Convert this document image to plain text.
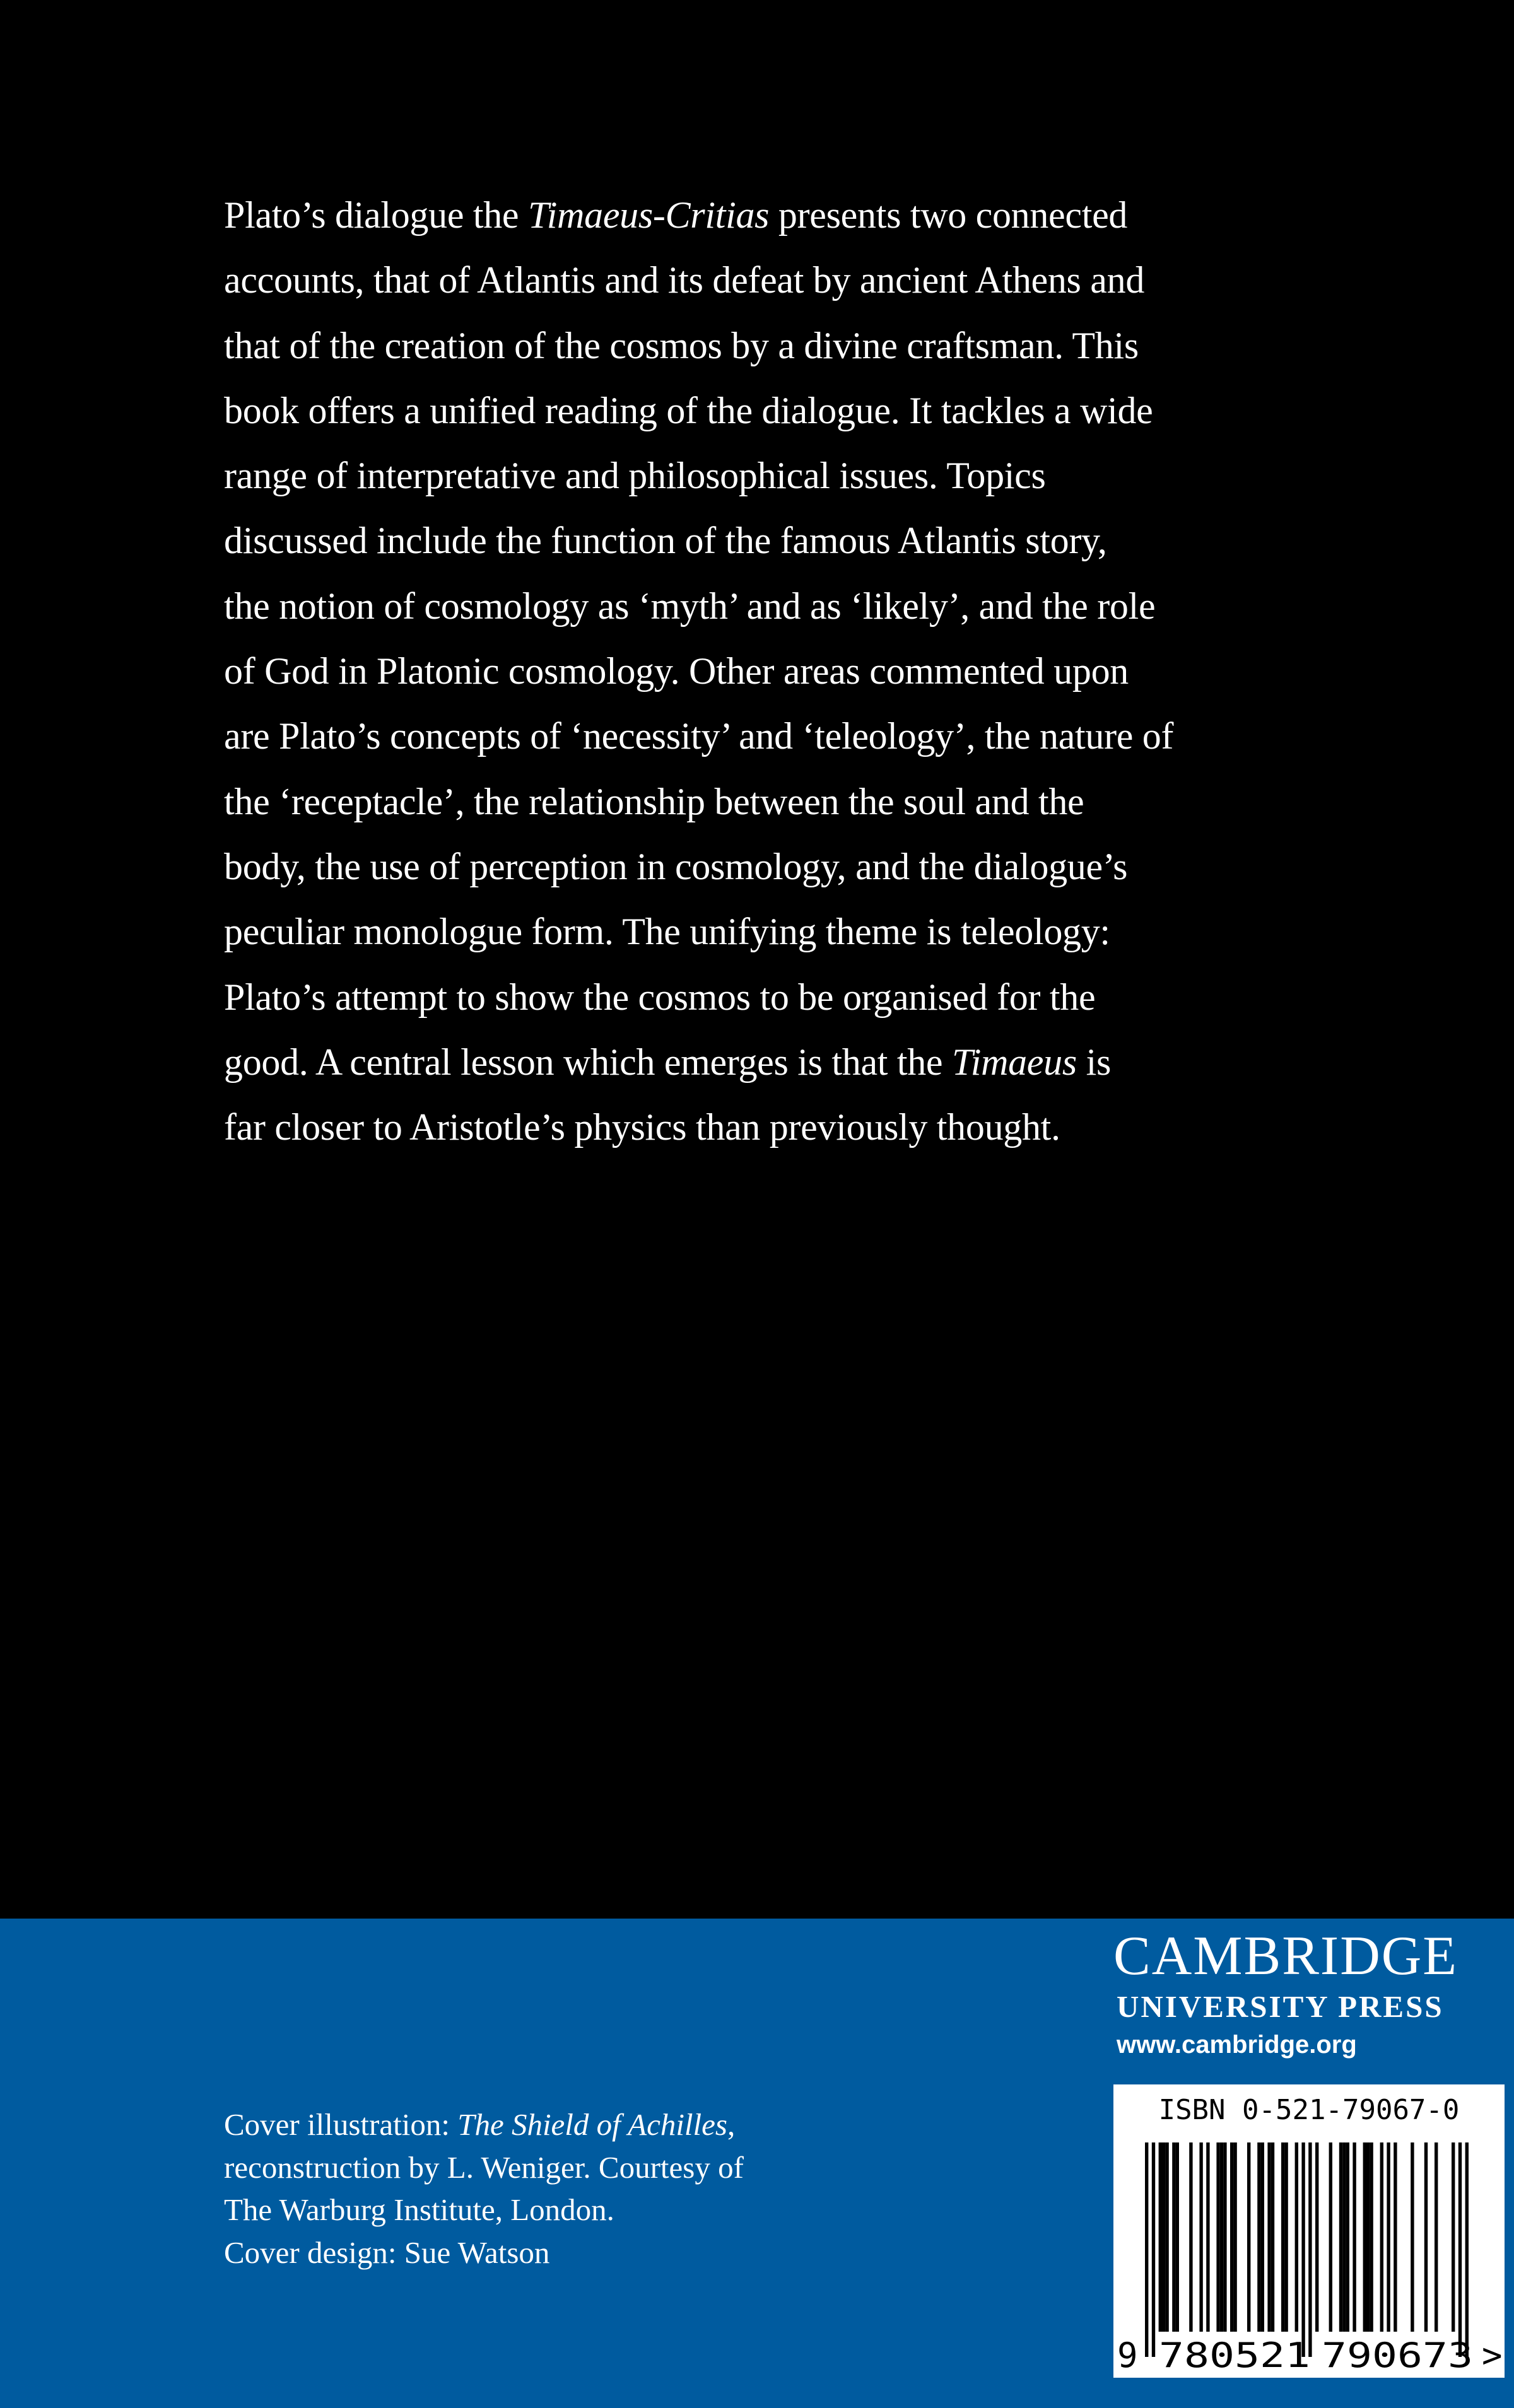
Plato’s dialogue the Timaeus-Critias presents two connected
accounts, that of Atlantis and its defeat by ancient Athens and
that of the creation of the cosmos by a divine craftsman. This
book offers a unified reading of the dialogue. It tackles a wide
range of interpretative and philosophical issues. Topics
discussed include the function of the famous Atlantis story,
the notion of cosmology as ‘myth’ and as ‘likely’, and the role
of God in Platonic cosmology. Other areas commented upon
are Plato’s concepts of ‘necessity’ and ‘teleology’, the nature of
the ‘receptacle’, the relationship between the soul and the
body, the use of perception in cosmology, and the dialogue’s
peculiar monologue form. The unifying theme is teleology:
Plato’s attempt to show the cosmos to be organised for the
good. A central lesson which emerges is that the Timaeus is
far closer to Aristotle’s physics than previously thought.
Cover illustration: The Shield of Achilles,
reconstruction by L. Weniger. Courtesy of
The Warburg Institute, London.
Cover design: Sue Watson
CAMBRIDGE
UNIVERSITY PRESS
www.cambridge.org
9 780521 790673 >
ISBN 0-521-79067-0
